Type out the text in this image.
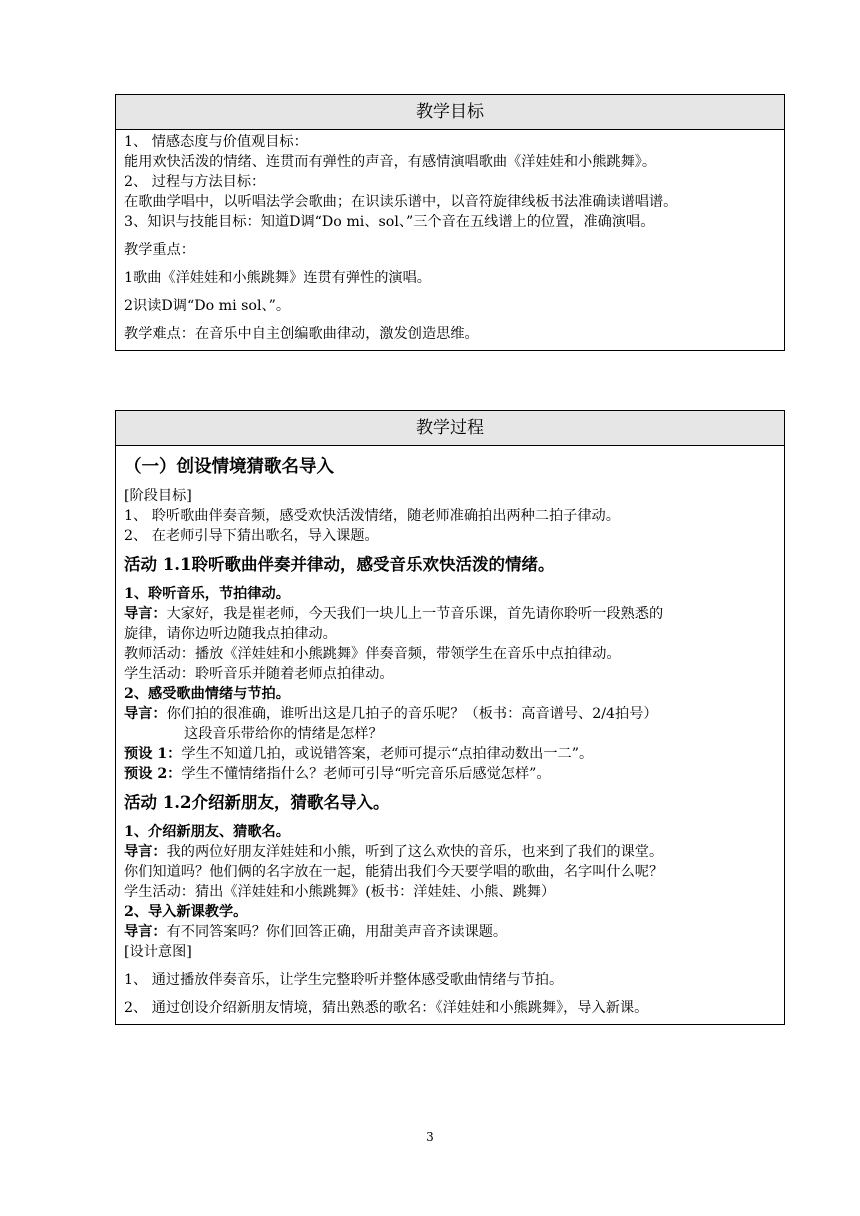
教学目标
1、 情感态度与价值观目标：
能用欢快活泼的情绪、连贯而有弹性的声音，有感情演唱歌曲《洋娃娃和小熊跳舞》。
2、 过程与方法目标：
在歌曲学唱中，以听唱法学会歌曲；在识读乐谱中，以音符旋律线板书法准确读谱唱谱。
3、知识与技能目标：知道D调“Do mi、sol、”三个音在五线谱上的位置，准确演唱。
教学重点：
1歌曲《洋娃娃和小熊跳舞》连贯有弹性的演唱。
2识读D调“Do mi sol、”。
教学难点：在音乐中自主创编歌曲律动，激发创造思维。
教学过程
（一）创设情境猜歌名导入
[阶段目标]
1、 聆听歌曲伴奏音频，感受欢快活泼情绪，随老师准确拍出两种二拍子律动。
2、 在老师引导下猜出歌名，导入课题。
活动 1.1聆听歌曲伴奏并律动，感受音乐欢快活泼的情绪。
1、聆听音乐，节拍律动。
导言：大家好，我是崔老师，今天我们一块儿上一节音乐课，首先请你聆听一段熟悉的
旋律，请你边听边随我点拍律动。
教师活动：播放《洋娃娃和小熊跳舞》伴奏音频，带领学生在音乐中点拍律动。
学生活动：聆听音乐并随着老师点拍律动。
2、感受歌曲情绪与节拍。
导言：你们拍的很准确，谁听出这是几拍子的音乐呢？（板书：高音谱号、2/4拍号）
这段音乐带给你的情绪是怎样？
预设 1：学生不知道几拍，或说错答案，老师可提示“点拍律动数出一二”。
预设 2：学生不懂情绪指什么？老师可引导“听完音乐后感觉怎样”。
活动 1.2介绍新朋友，猜歌名导入。
1、介绍新朋友、猜歌名。
导言：我的两位好朋友洋娃娃和小熊，听到了这么欢快的音乐，也来到了我们的课堂。
你们知道吗？他们俩的名字放在一起，能猜出我们今天要学唱的歌曲，名字叫什么呢？
学生活动：猜出《洋娃娃和小熊跳舞》(板书：洋娃娃、小熊、跳舞）
2、导入新课教学。
导言：有不同答案吗？你们回答正确，用甜美声音齐读课题。
[设计意图]
1、 通过播放伴奏音乐，让学生完整聆听并整体感受歌曲情绪与节拍。
2、 通过创设介绍新朋友情境，猜出熟悉的歌名：《洋娃娃和小熊跳舞》，导入新课。
3
